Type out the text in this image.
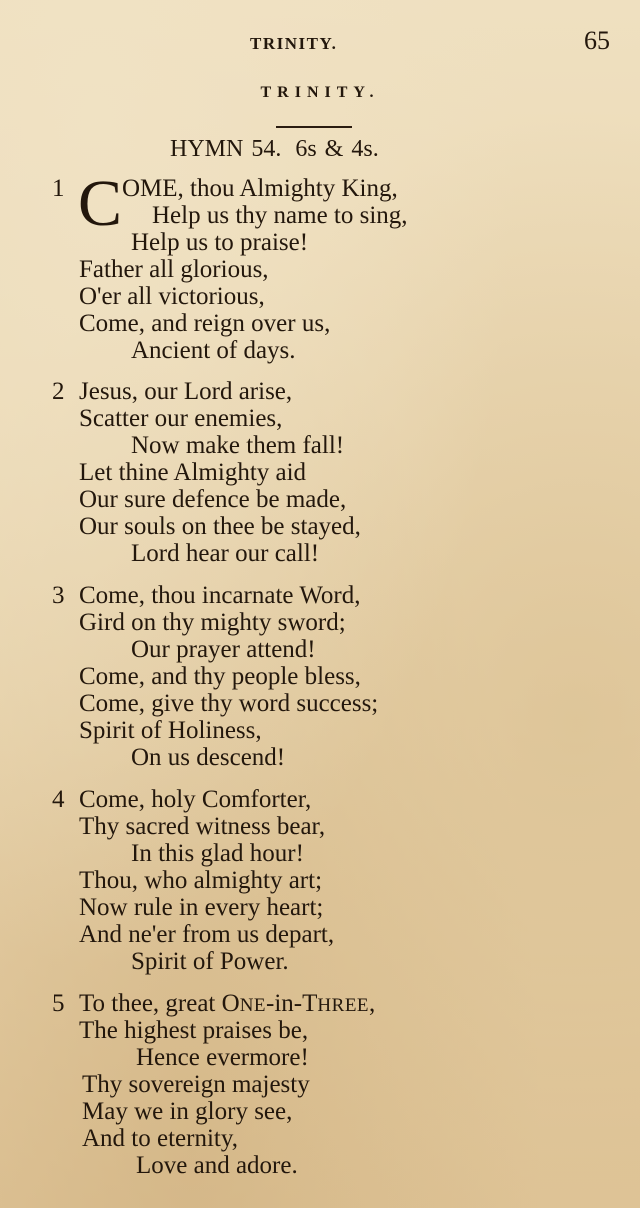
TRINITY.	65
TRINITY.
HYMN 54. 6s & 4s.
1 C OME, thou Almighty King,
Help us thy name to sing,
Help us to praise!
Father all glorious,
O'er all victorious,
Come, and reign over us,
Ancient of days.
2 Jesus, our Lord arise,
Scatter our enemies,
Now make them fall!
Let thine Almighty aid
Our sure defence be made,
Our souls on thee be stayed,
Lord hear our call!
3 Come, thou incarnate Word,
Gird on thy mighty sword;
Our prayer attend!
Come, and thy people bless,
Come, give thy word success;
Spirit of Holiness,
On us descend!
4 Come, holy Comforter,
Thy sacred witness bear,
In this glad hour!
Thou, who almighty art;
Now rule in every heart;
And ne'er from us depart,
Spirit of Power.
5 To thee, great ONE-in-THREE,
The highest praises be,
Hence evermore!
Thy sovereign majesty
May we in glory see,
And to eternity,
Love and adore.
